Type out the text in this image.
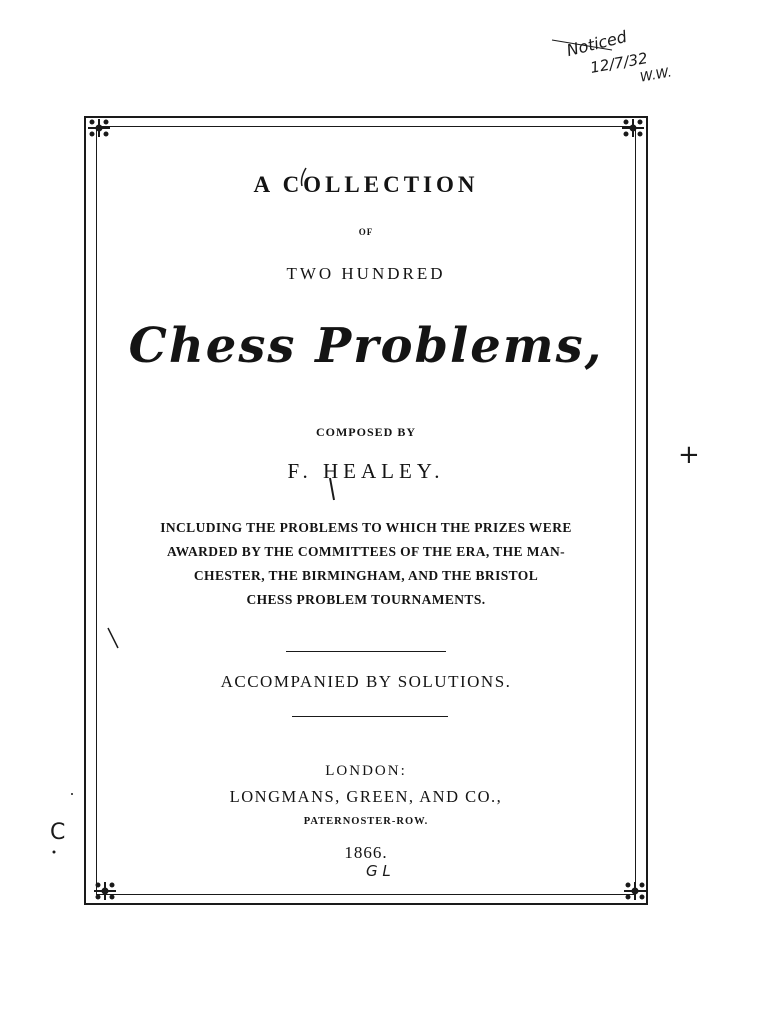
A COLLECTION
OF
TWO HUNDRED
Chess Problems,
COMPOSED BY
F. HEALEY.
INCLUDING THE PROBLEMS TO WHICH THE PRIZES WERE
AWARDED BY THE COMMITTEES OF THE ERA, THE MAN-
CHESTER, THE BIRMINGHAM, AND THE BRISTOL
CHESS PROBLEM TOURNAMENTS.
ACCOMPANIED BY SOLUTIONS.
LONDON:
LONGMANS, GREEN, AND CO.,
PATERNOSTER-ROW.
1866.
Noticed
12/7/32
W.W.
+
C
G L
